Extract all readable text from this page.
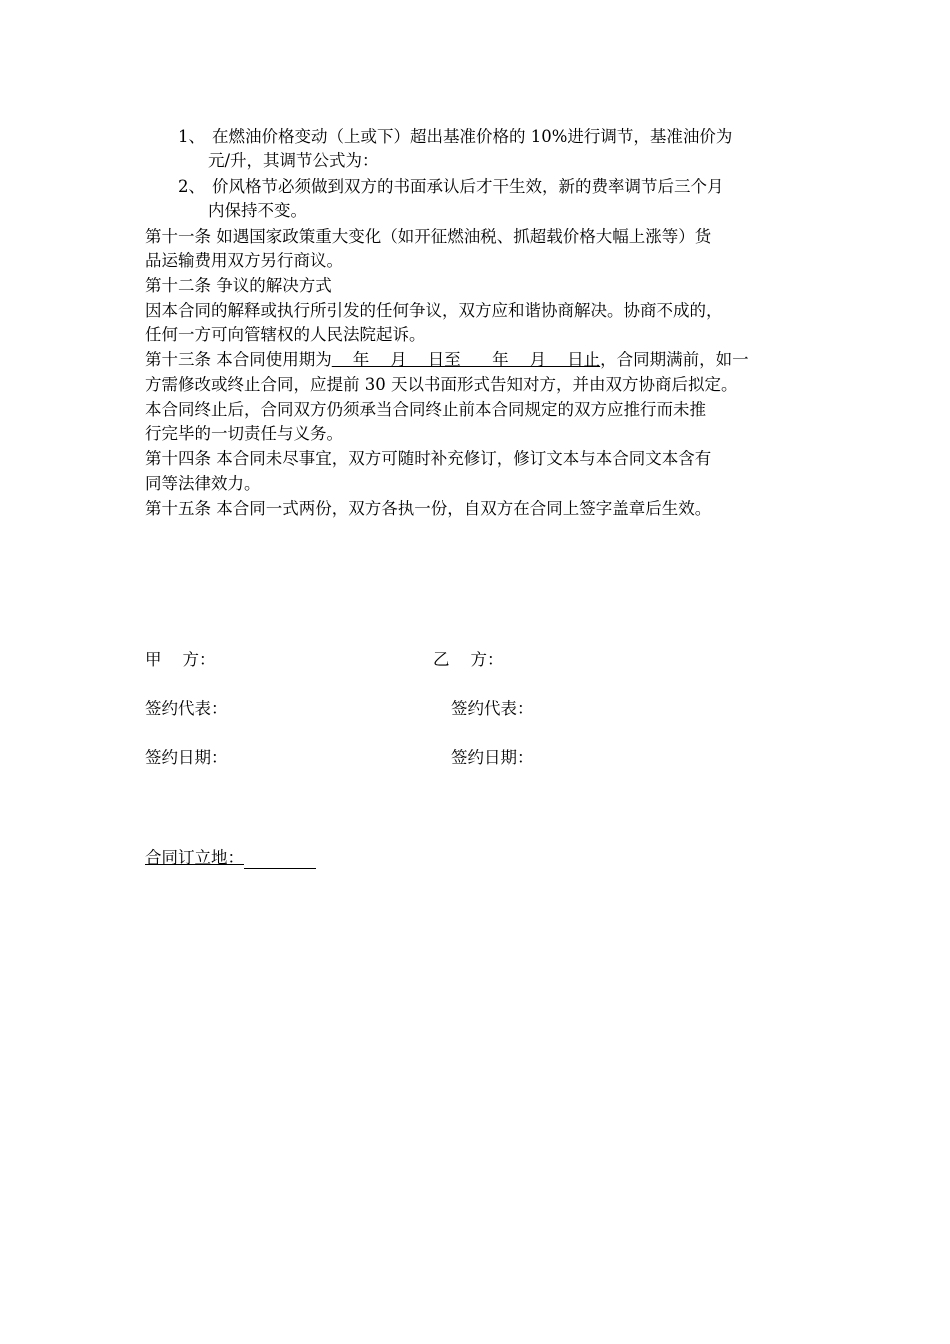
1、 在燃油价格变动（上或下）超出基准价格的 10%进行调节，基准油价为
元/升，其调节公式为：
2、 价风格节必须做到双方的书面承认后才干生效，新的费率调节后三个月
内保持不变。
第十一条 如遇国家政策重大变化（如开征燃油税、抓超载价格大幅上涨等）货
品运输费用双方另行商议。
第十二条 争议的解决方式
因本合同的解释或执行所引发的任何争议，双方应和谐协商解决。协商不成的，
任何一方可向管辖权的人民法院起诉。
第十三条 本合同使用期为    年    月    日至      年    月    日止，合同期满前，如一
方需修改或终止合同，应提前 30 天以书面形式告知对方，并由双方协商后拟定。
本合同终止后，合同双方仍须承当合同终止前本合同规定的双方应推行而未推
行完毕的一切责任与义务。
第十四条 本合同未尽事宜，双方可随时补充修订，修订文本与本合同文本含有
同等法律效力。
第十五条 本合同一式两份，双方各执一份，自双方在合同上签字盖章后生效。
甲    方：	乙    方：
签约代表：	签约代表：
签约日期：	签约日期：
合同订立地：
